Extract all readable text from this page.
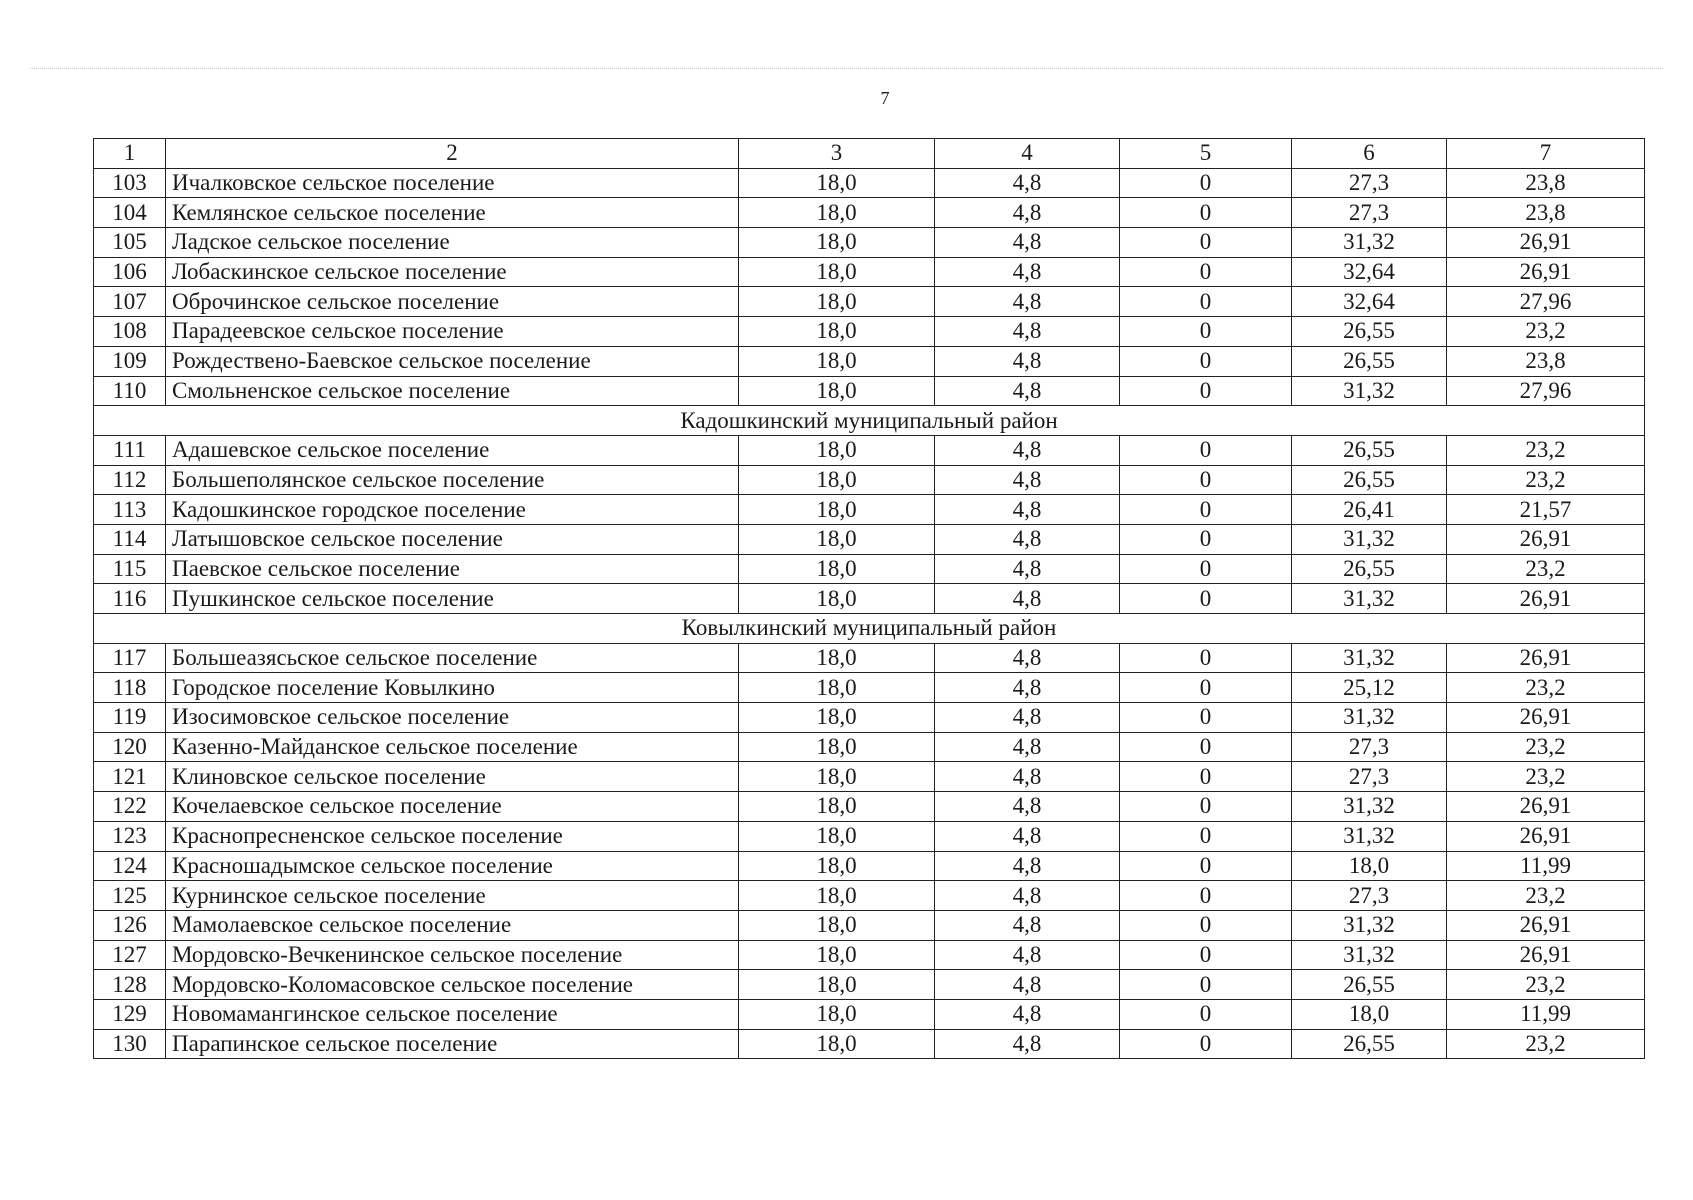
7
1	2	3	4	5	6	7
103	Ичалковское сельское поселение	18,0	4,8	0	27,3	23,8
104	Кемлянское сельское поселение	18,0	4,8	0	27,3	23,8
105	Ладское сельское поселение	18,0	4,8	0	31,32	26,91
106	Лобаскинское сельское поселение	18,0	4,8	0	32,64	26,91
107	Оброчинское сельское поселение	18,0	4,8	0	32,64	27,96
108	Парадеевское сельское поселение	18,0	4,8	0	26,55	23,2
109	Рождествено-Баевское сельское поселение	18,0	4,8	0	26,55	23,8
110	Смольненское сельское поселение	18,0	4,8	0	31,32	27,96
Кадошкинский муниципальный район						
111	Адашевское сельское поселение	18,0	4,8	0	26,55	23,2
112	Большеполянское сельское поселение	18,0	4,8	0	26,55	23,2
113	Кадошкинское городское поселение	18,0	4,8	0	26,41	21,57
114	Латышовское сельское поселение	18,0	4,8	0	31,32	26,91
115	Паевское сельское поселение	18,0	4,8	0	26,55	23,2
116	Пушкинское сельское поселение	18,0	4,8	0	31,32	26,91
Ковылкинский муниципальный район						
117	Большеазясьское сельское поселение	18,0	4,8	0	31,32	26,91
118	Городское поселение Ковылкино	18,0	4,8	0	25,12	23,2
119	Изосимовское сельское поселение	18,0	4,8	0	31,32	26,91
120	Казенно-Майданское сельское поселение	18,0	4,8	0	27,3	23,2
121	Клиновское сельское поселение	18,0	4,8	0	27,3	23,2
122	Кочелаевское сельское поселение	18,0	4,8	0	31,32	26,91
123	Краснопресненское сельское поселение	18,0	4,8	0	31,32	26,91
124	Красношадымское сельское поселение	18,0	4,8	0	18,0	11,99
125	Курнинское сельское поселение	18,0	4,8	0	27,3	23,2
126	Мамолаевское сельское поселение	18,0	4,8	0	31,32	26,91
127	Мордовско-Вечкенинское сельское поселение	18,0	4,8	0	31,32	26,91
128	Мордовско-Коломасовское сельское поселение	18,0	4,8	0	26,55	23,2
129	Новомамангинское сельское поселение	18,0	4,8	0	18,0	11,99
130	Парапинское сельское поселение	18,0	4,8	0	26,55	23,2
